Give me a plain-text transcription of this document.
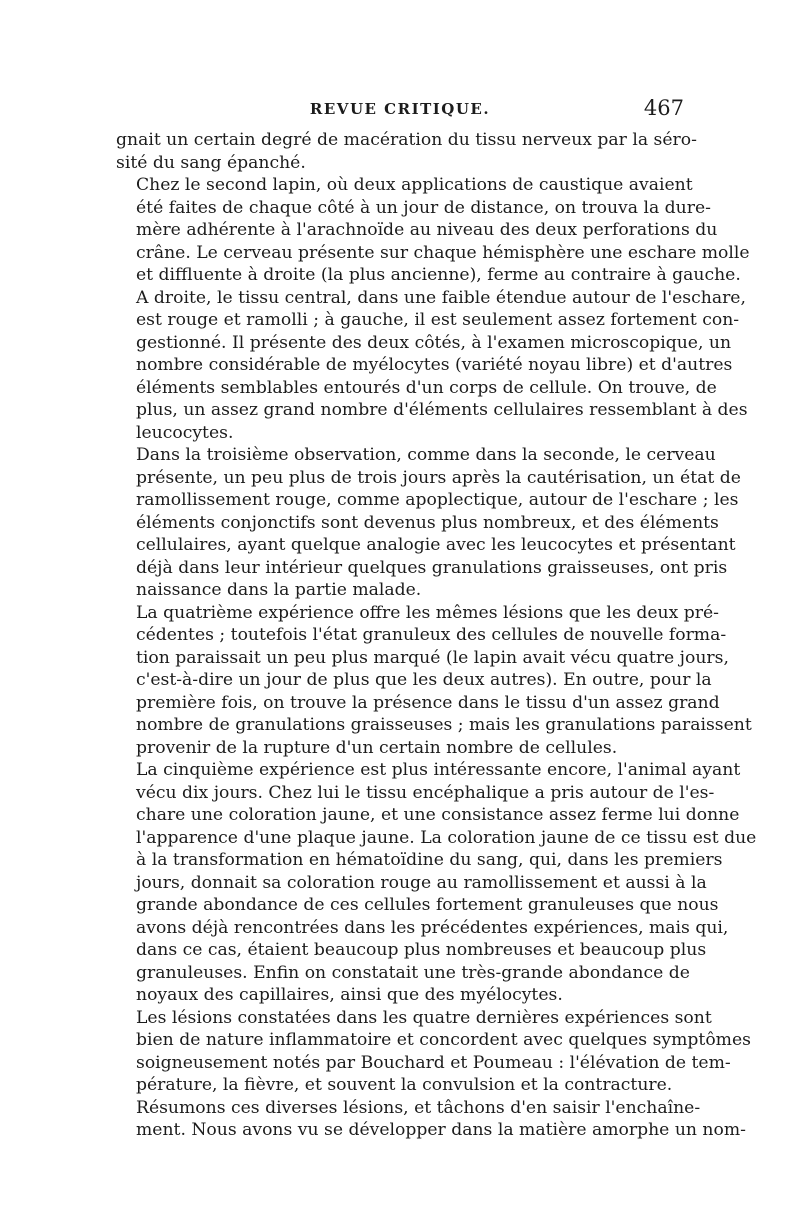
REVUE CRITIQUE.	467

gnait un certain degré de macération du tissu nerveux par la séro-
sité du sang épanché.

Chez le second lapin, où deux applications de caustique avaient
été faites de chaque côté à un jour de distance, on trouva la dure-
mère adhérente à l'arachnoïde au niveau des deux perforations du
crâne. Le cerveau présente sur chaque hémisphère une eschare molle
et diffluente à droite (la plus ancienne), ferme au contraire à gauche.
A droite, le tissu central, dans une faible étendue autour de l'eschare,
est rouge et ramolli ; à gauche, il est seulement assez fortement con-
gestionné. Il présente des deux côtés, à l'examen microscopique, un
nombre considérable de myélocytes (variété noyau libre) et d'autres
éléments semblables entourés d'un corps de cellule. On trouve, de
plus, un assez grand nombre d'éléments cellulaires ressemblant à des
leucocytes.

Dans la troisième observation, comme dans la seconde, le cerveau
présente, un peu plus de trois jours après la cautérisation, un état de
ramollissement rouge, comme apoplectique, autour de l'eschare ; les
éléments conjonctifs sont devenus plus nombreux, et des éléments
cellulaires, ayant quelque analogie avec les leucocytes et présentant
déjà dans leur intérieur quelques granulations graisseuses, ont pris
naissance dans la partie malade.

La quatrième expérience offre les mêmes lésions que les deux pré-
cédentes ; toutefois l'état granuleux des cellules de nouvelle forma-
tion paraissait un peu plus marqué (le lapin avait vécu quatre jours,
c'est-à-dire un jour de plus que les deux autres). En outre, pour la
première fois, on trouve la présence dans le tissu d'un assez grand
nombre de granulations graisseuses ; mais les granulations paraissent
provenir de la rupture d'un certain nombre de cellules.

La cinquième expérience est plus intéressante encore, l'animal ayant
vécu dix jours. Chez lui le tissu encéphalique a pris autour de l'es-
chare une coloration jaune, et une consistance assez ferme lui donne
l'apparence d'une plaque jaune. La coloration jaune de ce tissu est due
à la transformation en hématoïdine du sang, qui, dans les premiers
jours, donnait sa coloration rouge au ramollissement et aussi à la
grande abondance de ces cellules fortement granuleuses que nous
avons déjà rencontrées dans les précédentes expériences, mais qui,
dans ce cas, étaient beaucoup plus nombreuses et beaucoup plus
granuleuses. Enfin on constatait une très-grande abondance de
noyaux des capillaires, ainsi que des myélocytes.

Les lésions constatées dans les quatre dernières expériences sont
bien de nature inflammatoire et concordent avec quelques symptômes
soigneusement notés par Bouchard et Poumeau : l'élévation de tem-
pérature, la fièvre, et souvent la convulsion et la contracture.

Résumons ces diverses lésions, et tâchons d'en saisir l'enchaîne-
ment. Nous avons vu se développer dans la matière amorphe un nom-
